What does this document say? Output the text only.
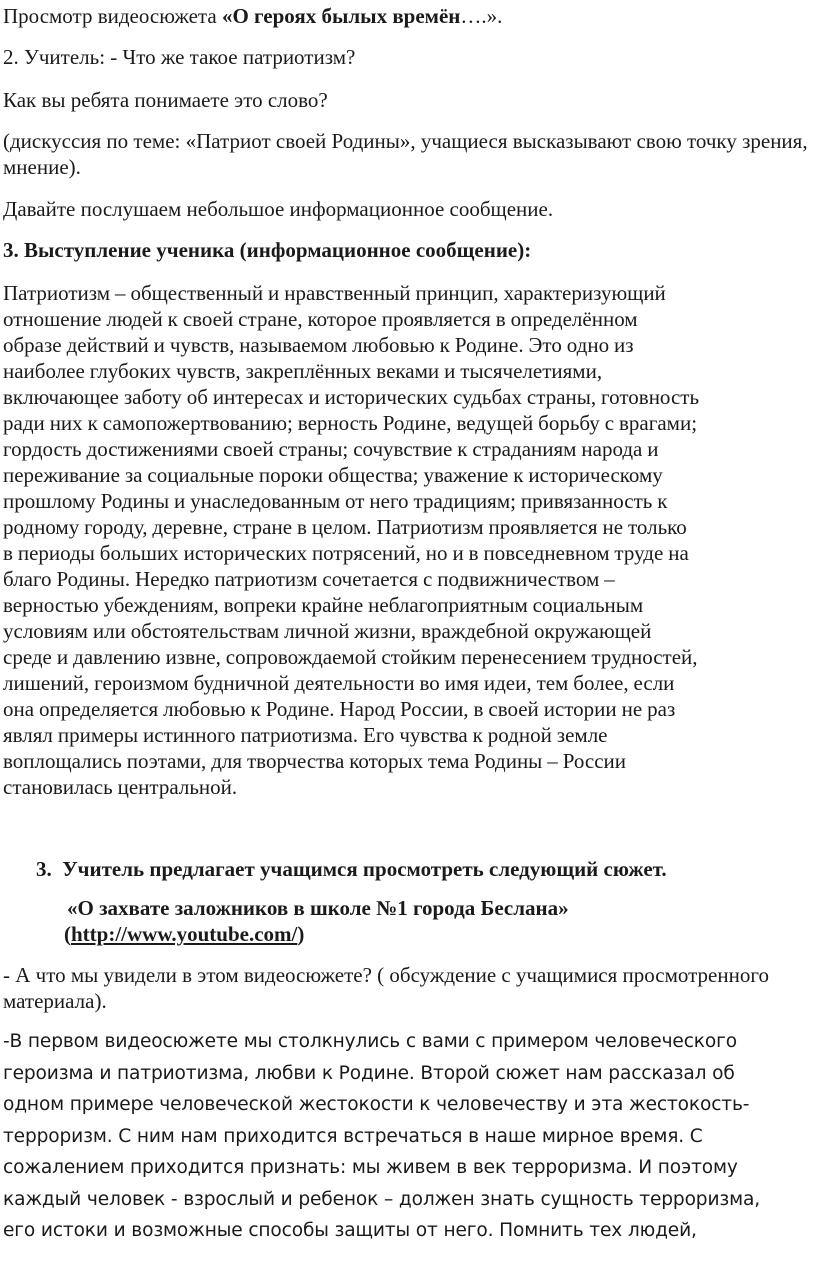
Просмотр видеосюжета «О героях былых времён….».

2. Учитель: - Что же такое патриотизм?

Как вы ребята понимаете это слово?

(дискуссия по теме: «Патриот своей Родины», учащиеся высказывают свою точку зрения, мнение).

Давайте послушаем небольшое информационное сообщение.

3. Выступление ученика (информационное сообщение):

Патриотизм – общественный и нравственный принцип, характеризующий
отношение людей к своей стране, которое проявляется в определённом
образе действий и чувств, называемом любовью к Родине. Это одно из
наиболее глубоких чувств, закреплённых веками и тысячелетиями,
включающее заботу об интересах и исторических судьбах страны, готовность
ради них к самопожертвованию; верность Родине, ведущей борьбу с врагами;
гордость достижениями своей страны; сочувствие к страданиям народа и
переживание за социальные пороки общества; уважение к историческому
прошлому Родины и унаследованным от него традициям; привязанность к
родному городу, деревне, стране в целом. Патриотизм проявляется не только
в периоды больших исторических потрясений, но и в повседневном труде на
благо Родины. Нередко патриотизм сочетается с подвижничеством –
верностью убеждениям, вопреки крайне неблагоприятным социальным
условиям или обстоятельствам личной жизни, враждебной окружающей
среде и давлению извне, сопровождаемой стойким перенесением трудностей,
лишений, героизмом будничной деятельности во имя идеи, тем более, если
она определяется любовью к Родине. Народ России, в своей истории не раз
являл примеры истинного патриотизма. Его чувства к родной земле
воплощались поэтами, для творчества которых тема Родины – России
становилась центральной.

3. Учитель предлагает учащимся просмотреть следующий сюжет.

«О захвате заложников в школе №1 города Беслана»

(http://www.youtube.com/)

- А что мы увидели в этом видеосюжете? ( обсуждение с учащимися просмотренного материала).

-В первом видеосюжете мы столкнулись с вами с примером человеческого
героизма и патриотизма, любви к Родине. Второй сюжет нам рассказал об
одном примере человеческой жестокости к человечеству и эта жестокость-
терроризм. С ним нам приходится встречаться в наше мирное время. С
сожалением приходится признать: мы живем в век терроризма. И поэтому
каждый человек - взрослый и ребенок – должен знать сущность терроризма,
его истоки и возможные способы защиты от него. Помнить тех людей,
